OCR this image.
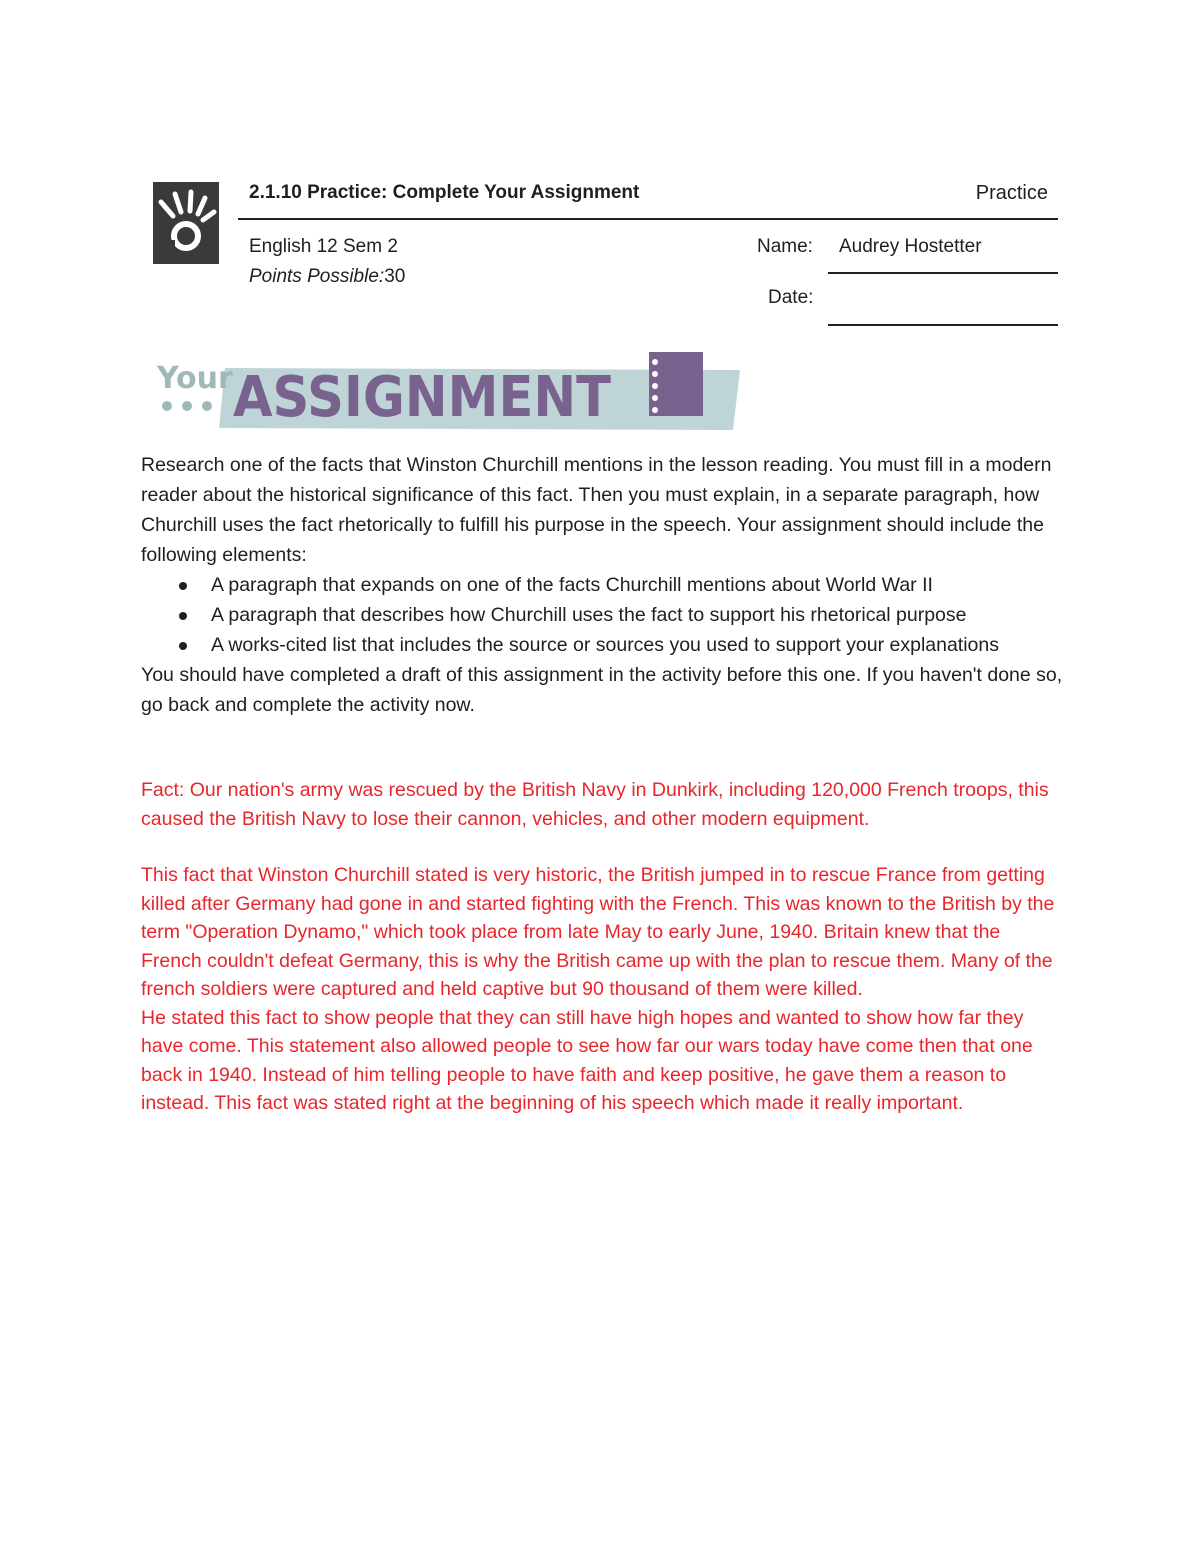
2.1.10 Practice: Complete Your Assignment	Practice
English 12 Sem 2
Points Possible:30
Name: Audrey Hostetter
Date:
Your ASSIGNMENT

Research one of the facts that Winston Churchill mentions in the lesson reading. You must fill in a modern reader about the historical significance of this fact. Then you must explain, in a separate paragraph, how Churchill uses the fact rhetorically to fulfill his purpose in the speech. Your assignment should include the following elements:

A paragraph that expands on one of the facts Churchill mentions about World War II
A paragraph that describes how Churchill uses the fact to support his rhetorical purpose
A works-cited list that includes the source or sources you used to support your explanations

You should have completed a draft of this assignment in the activity before this one. If you haven't done so, go back and complete the activity now.

Fact: Our nation's army was rescued by the British Navy in Dunkirk, including 120,000 French troops, this caused the British Navy to lose their cannon, vehicles, and other modern equipment.

This fact that Winston Churchill stated is very historic, the British jumped in to rescue France from getting killed after Germany had gone in and started fighting with the French. This was known to the British by the term "Operation Dynamo," which took place from late May to early June, 1940. Britain knew that the French couldn't defeat Germany, this is why the British came up with the plan to rescue them. Many of the french soldiers were captured and held captive but 90 thousand of them were killed.

He stated this fact to show people that they can still have high hopes and wanted to show how far they have come. This statement also allowed people to see how far our wars today have come then that one back in 1940. Instead of him telling people to have faith and keep positive, he gave them a reason to instead. This fact was stated right at the beginning of his speech which made it really important.
